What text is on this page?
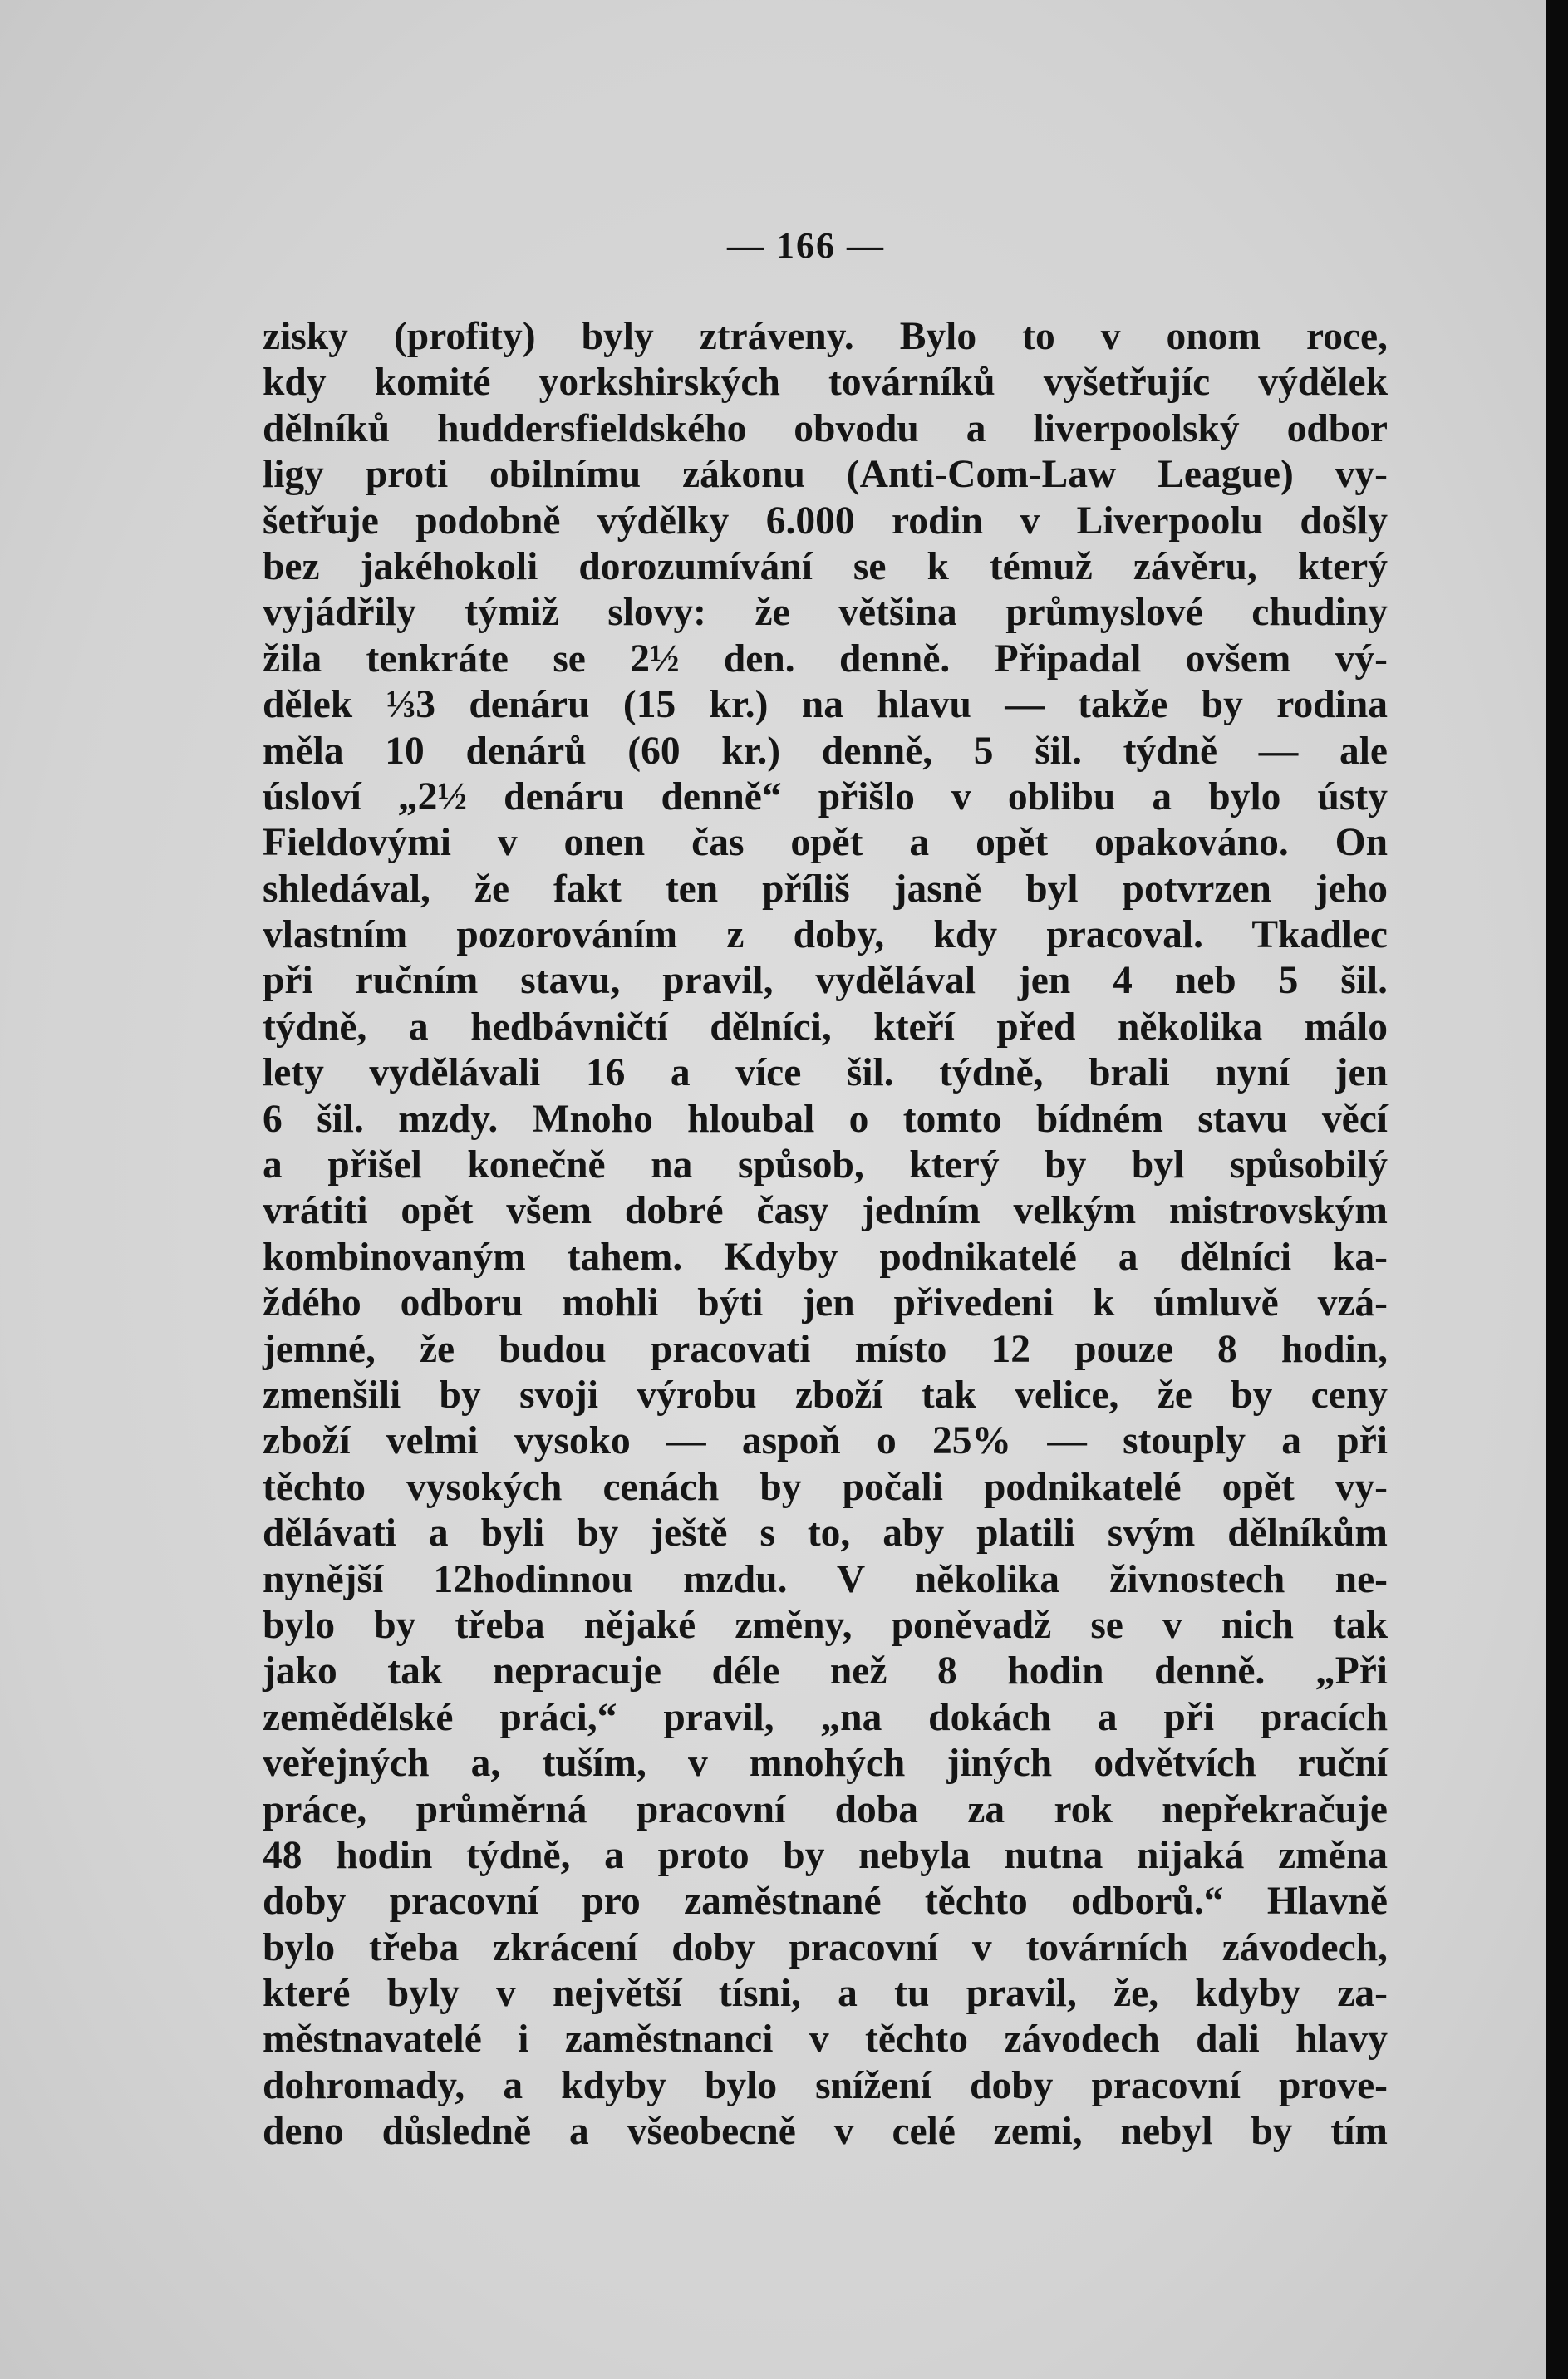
— 166 —
zisky (profity) byly ztráveny. Bylo to v onom roce,
kdy komité yorkshirských továrníků vyšetřujíc výdělek
dělníků huddersfieldského obvodu a liverpoolský odbor
ligy proti obilnímu zákonu (Anti-Com-Law League) vy-
šetřuje podobně výdělky 6.000 rodin v Liverpoolu došly
bez jakéhokoli dorozumívání se k témuž závěru, který
vyjádřily týmiž slovy: že většina průmyslové chudiny
žila tenkráte se 2½ den. denně. Připadal ovšem vý-
dělek ⅓3 denáru (15 kr.) na hlavu — takže by rodina
měla 10 denárů (60 kr.) denně, 5 šil. týdně — ale
úsloví „2½ denáru denně“ přišlo v oblibu a bylo ústy
Fieldovými v onen čas opět a opět opakováno. On
shledával, že fakt ten příliš jasně byl potvrzen jeho
vlastním pozorováním z doby, kdy pracoval. Tkadlec
při ručním stavu, pravil, vydělával jen 4 neb 5 šil.
týdně, a hedbávničtí dělníci, kteří před několika málo
lety vydělávali 16 a více šil. týdně, brali nyní jen
6 šil. mzdy. Mnoho hloubal o tomto bídném stavu věcí
a přišel konečně na spůsob, který by byl spůsobilý
vrátiti opět všem dobré časy jedním velkým mistrovským
kombinovaným tahem. Kdyby podnikatelé a dělníci ka-
ždého odboru mohli býti jen přivedeni k úmluvě vzá-
jemné, že budou pracovati místo 12 pouze 8 hodin,
zmenšili by svoji výrobu zboží tak velice, že by ceny
zboží velmi vysoko — aspoň o 25% — stouply a při
těchto vysokých cenách by počali podnikatelé opět vy-
dělávati a byli by ještě s to, aby platili svým dělníkům
nynější 12hodinnou mzdu. V několika živnostech ne-
bylo by třeba nějaké změny, poněvadž se v nich tak
jako tak nepracuje déle než 8 hodin denně. „Při
zemědělské práci,“ pravil, „na dokách a při pracích
veřejných a, tuším, v mnohých jiných odvětvích ruční
práce, průměrná pracovní doba za rok nepřekračuje
48 hodin týdně, a proto by nebyla nutna nijaká změna
doby pracovní pro zaměstnané těchto odborů.“ Hlavně
bylo třeba zkrácení doby pracovní v továrních závodech,
které byly v největší tísni, a tu pravil, že, kdyby za-
městnavatelé i zaměstnanci v těchto závodech dali hlavy
dohromady, a kdyby bylo snížení doby pracovní prove-
deno důsledně a všeobecně v celé zemi, nebyl by tím
